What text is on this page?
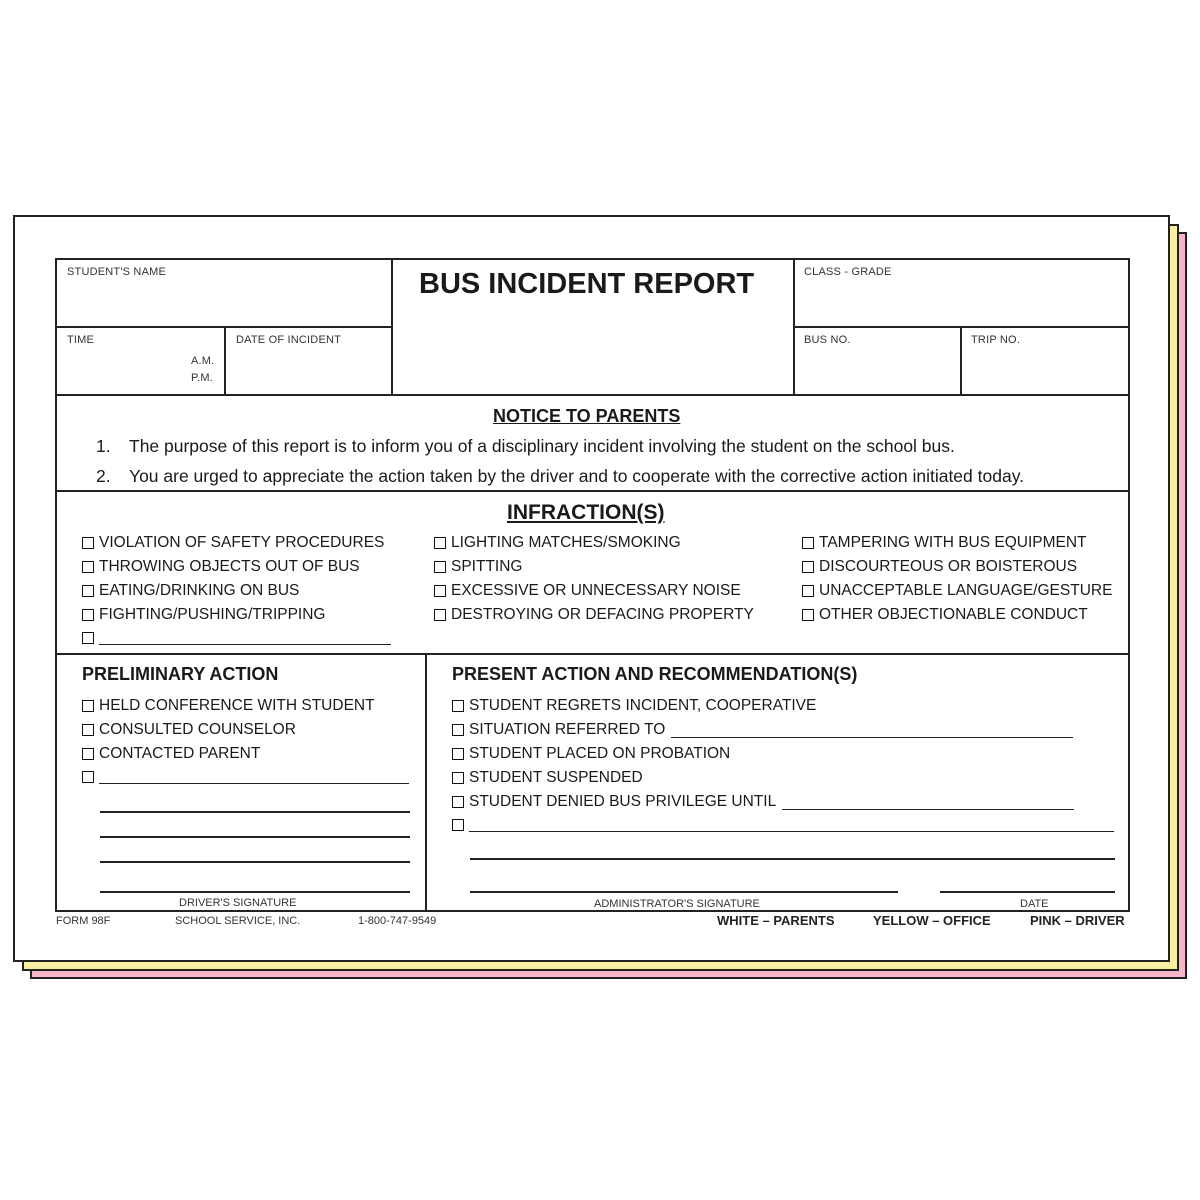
STUDENT'S NAME	BUS INCIDENT REPORT	CLASS - GRADE
TIME
A.M.
P.M.
DATE OF INCIDENT	BUS NO.	TRIP NO.
NOTICE TO PARENTS
1. The purpose of this report is to inform you of a disciplinary incident involving the student on the school bus.
2. You are urged to appreciate the action taken by the driver and to cooperate with the corrective action initiated today.
INFRACTION(S)
VIOLATION OF SAFETY PROCEDURES
THROWING OBJECTS OUT OF BUS
EATING/DRINKING ON BUS
FIGHTING/PUSHING/TRIPPING
LIGHTING MATCHES/SMOKING
SPITTING
EXCESSIVE OR UNNECESSARY NOISE
DESTROYING OR DEFACING PROPERTY
TAMPERING WITH BUS EQUIPMENT
DISCOURTEOUS OR BOISTEROUS
UNACCEPTABLE LANGUAGE/GESTURE
OTHER OBJECTIONABLE CONDUCT
PRELIMINARY ACTION
HELD CONFERENCE WITH STUDENT
CONSULTED COUNSELOR
CONTACTED PARENT
DRIVER'S SIGNATURE
PRESENT ACTION AND RECOMMENDATION(S)
STUDENT REGRETS INCIDENT, COOPERATIVE
SITUATION REFERRED TO
STUDENT PLACED ON PROBATION
STUDENT SUSPENDED
STUDENT DENIED BUS PRIVILEGE UNTIL
ADMINISTRATOR'S SIGNATURE	DATE
FORM 98F	SCHOOL SERVICE, INC.	1-800-747-9549	WHITE – PARENTS	YELLOW – OFFICE	PINK – DRIVER
